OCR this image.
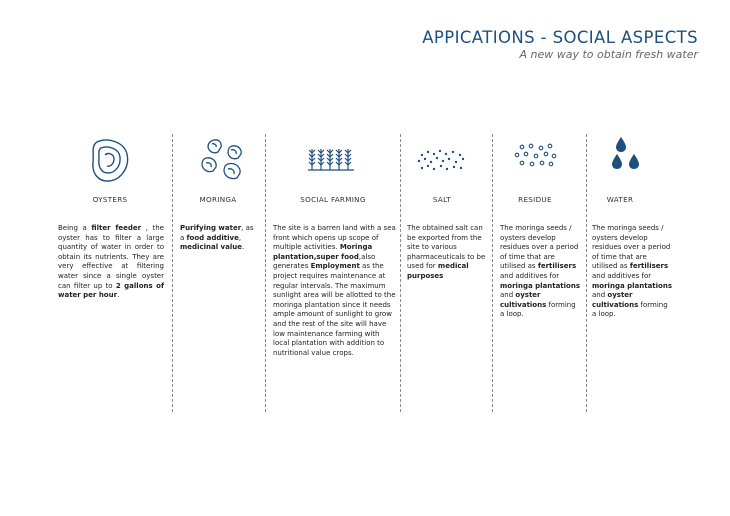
APPICATIONS - SOCIAL ASPECTS
A new way to obtain fresh water
OYSTERS
Being a filter feeder , the oyster has to filter a large quantity of water in order to obtain its nutrients. They are very effective at filtering water since a single oyster can filter up to 2 gallons of water per hour.
MORINGA
Purifying water, as a food additive, medicinal value.
SOCIAL FARMING
The site is a barren land with a sea front which opens up scope of multiple activities. Moringa plantation,super food,also generates Employment as the project requires maintenance at regular intervals. The maximum sunlight area will be allotted to the moringa plantation since it needs ample amount of sunlight to grow and the rest of the site will have low maintenance farming with local plantation with addition to nutritional value crops.
SALT
The obtained salt can be exported from the site to various pharmaceuticals to be used for medical purposes
RESIDUE
The moringa seeds / oysters develop residues over a period of time that are utilised as fertilisers and additives for moringa plantations and oyster cultivations forming a loop.
WATER
The moringa seeds / oysters develop residues over a period of time that are utilised as fertilisers and additives for moringa plantations and oyster cultivations forming a loop.
